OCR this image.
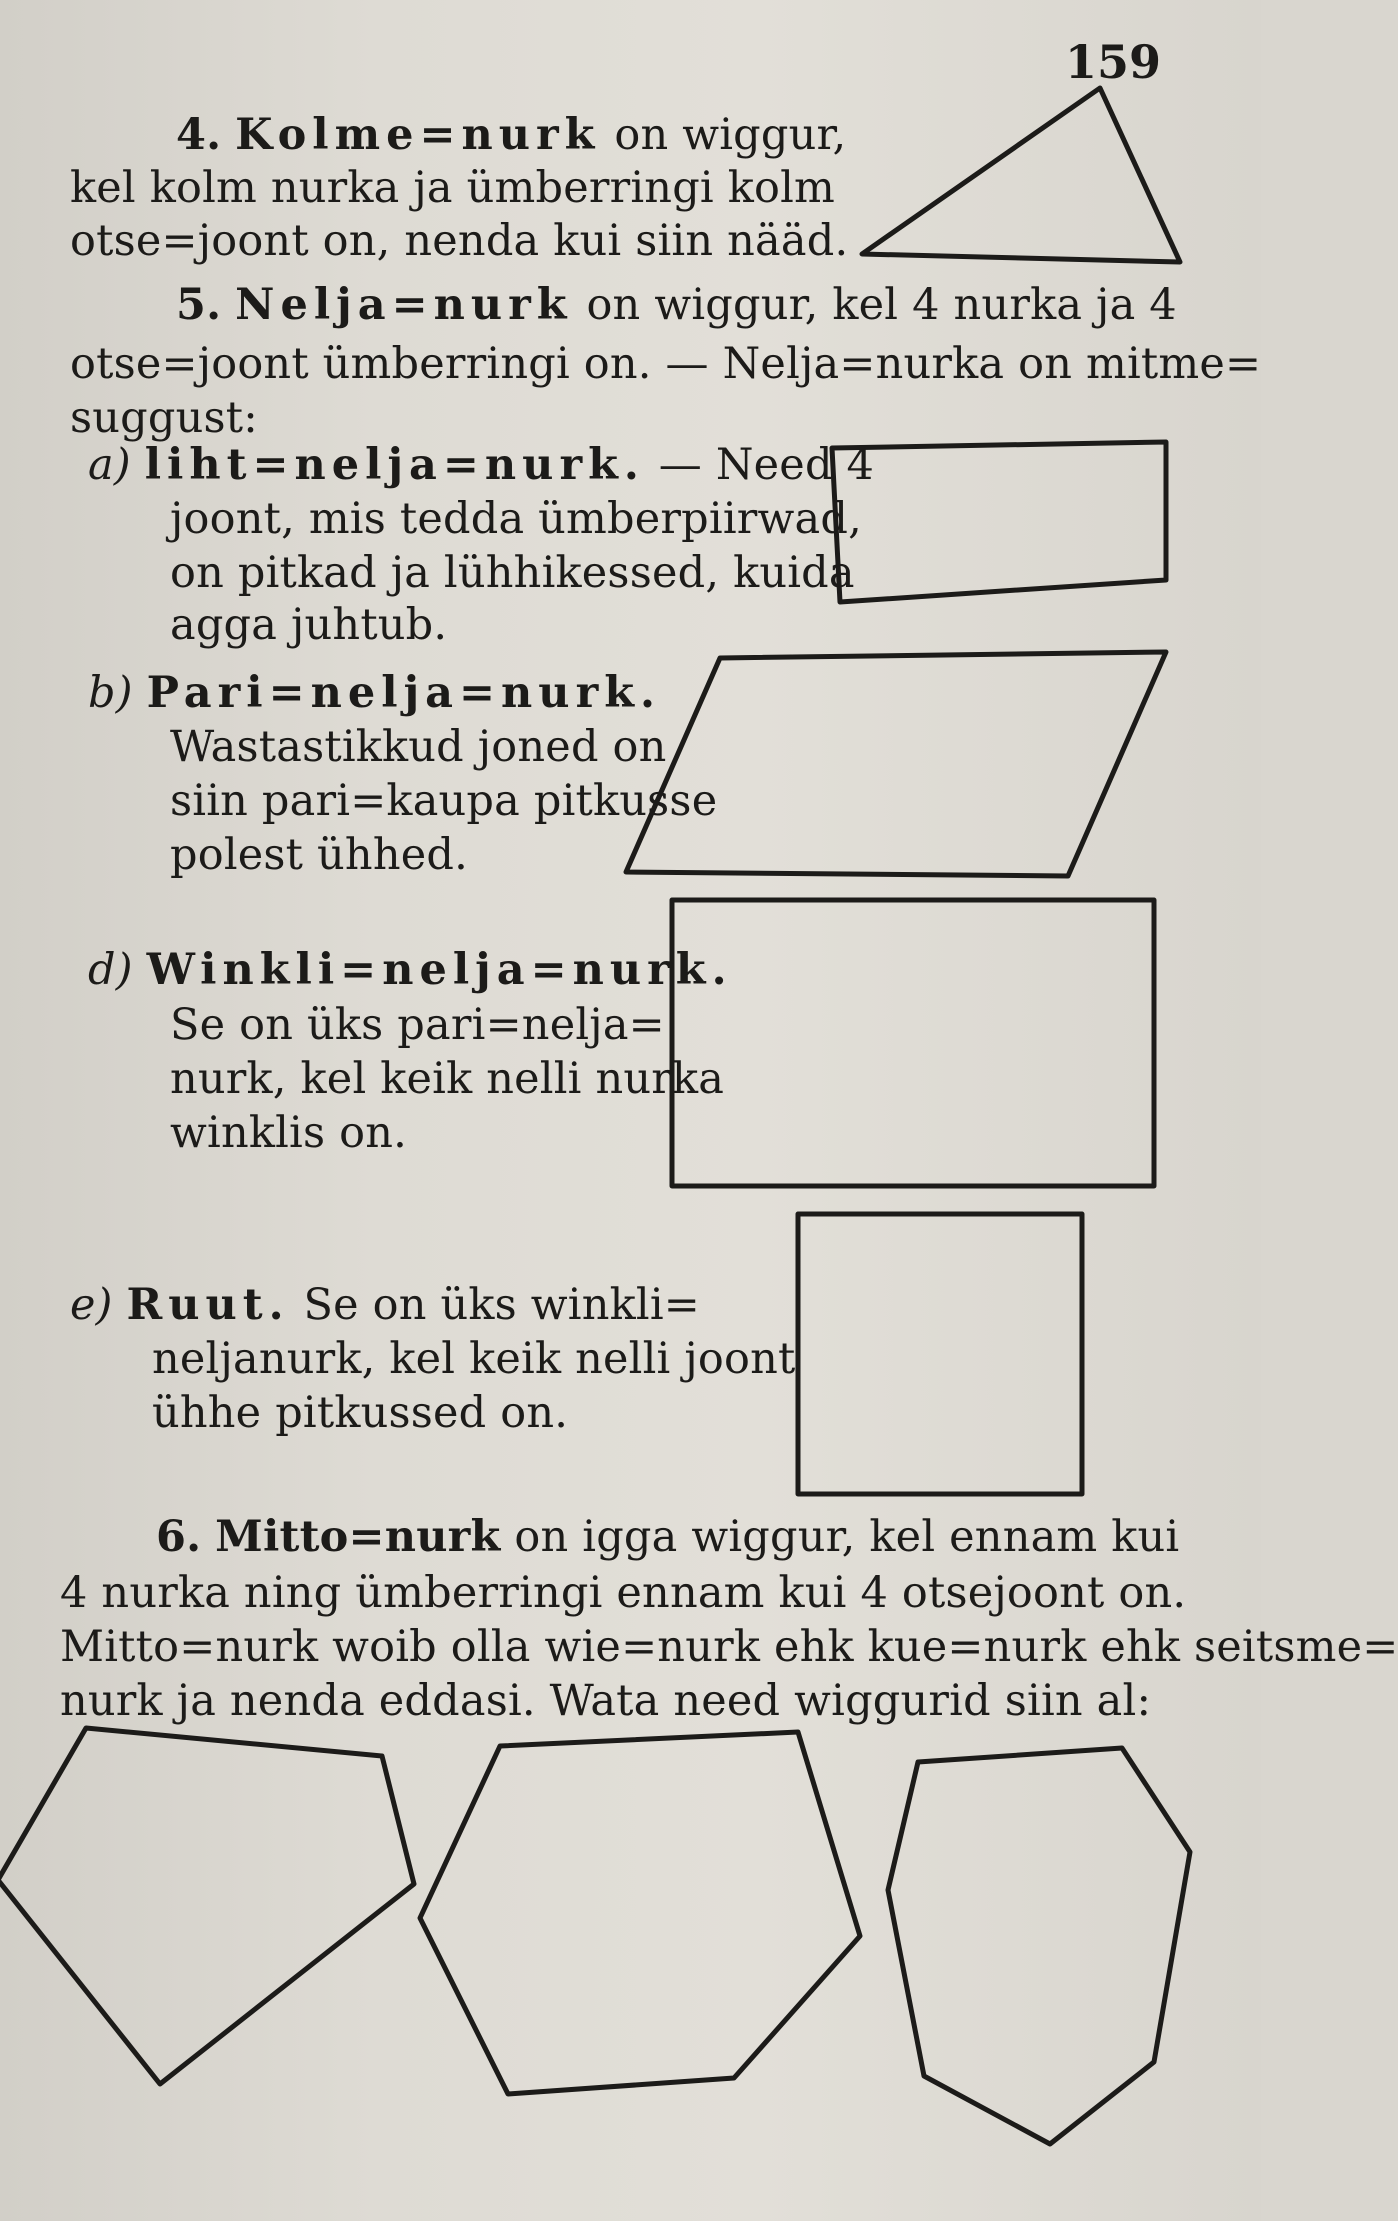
159
4. Kolme=nurk on wiggur,
kel kolm nurka ja ümberringi kolm
otse=joont on, nenda kui siin nääd.
5. Nelja=nurk on wiggur, kel 4 nurka ja 4
otse=joont ümberringi on. — Nelja=nurka on mitme=
suggust:
a) liht=nelja=nurk. — Need 4
joont, mis tedda ümberpiirwad,
on pitkad ja lühhikessed, kuida
agga juhtub.
b) Pari=nelja=nurk.
Wastastikkud joned on
siin pari=kaupa pitkusse
polest ühhed.
d) Winkli=nelja=nurk.
Se on üks pari=nelja=
nurk, kel keik nelli nurka
winklis on.
e) Ruut. Se on üks winkli=
neljanurk, kel keik nelli joont
ühhe pitkussed on.
6. Mitto=nurk on igga wiggur, kel ennam kui
4 nurka ning ümberringi ennam kui 4 otsejoont on.
Mitto=nurk woib olla wie=nurk ehk kue=nurk ehk seitsme=
nurk ja nenda eddasi. Wata need wiggurid siin al:
